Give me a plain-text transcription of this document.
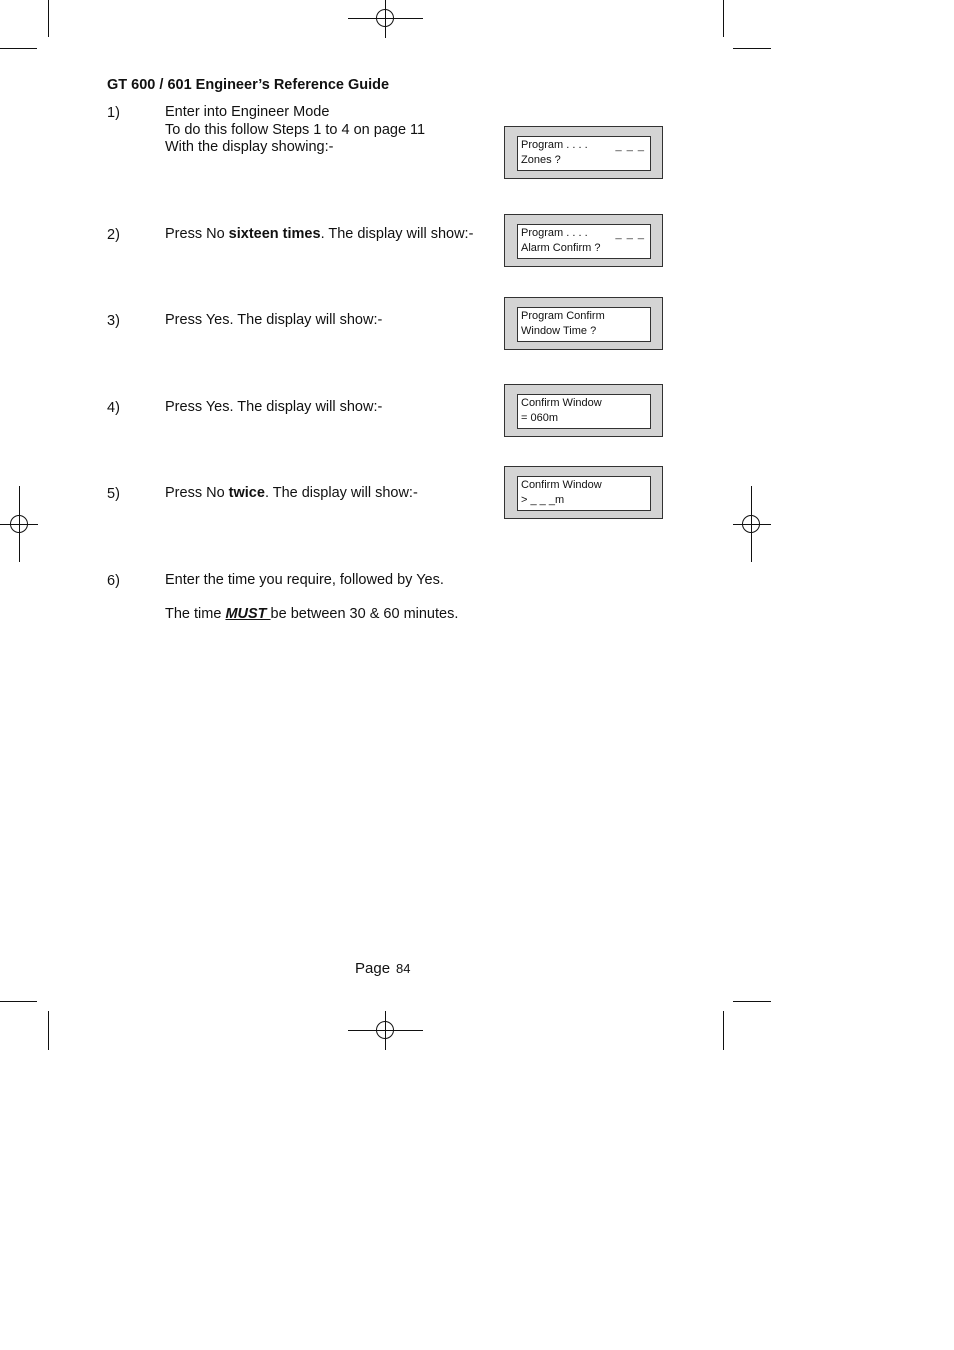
GT 600 / 601 Engineer’s Reference Guide
1)	Enter into Engineer Mode
To do this follow Steps 1 to 4 on page 11
With the display showing:-
2)	Press No sixteen times. The display will show:-
3)	Press Yes. The display will show:-
4)	Press Yes. The display will show:-
5)	Press No twice. The display will show:-
6)	Enter the time you require, followed by Yes.
The time MUST be between 30 & 60 minutes.
Program . . . .
Zones ?
_ _ _
Program . . . .
Alarm Confirm ?
_ _ _
Program Confirm
Window Time ?
Confirm Window
= 060m
Confirm Window
> _ _ _m
Page 84
